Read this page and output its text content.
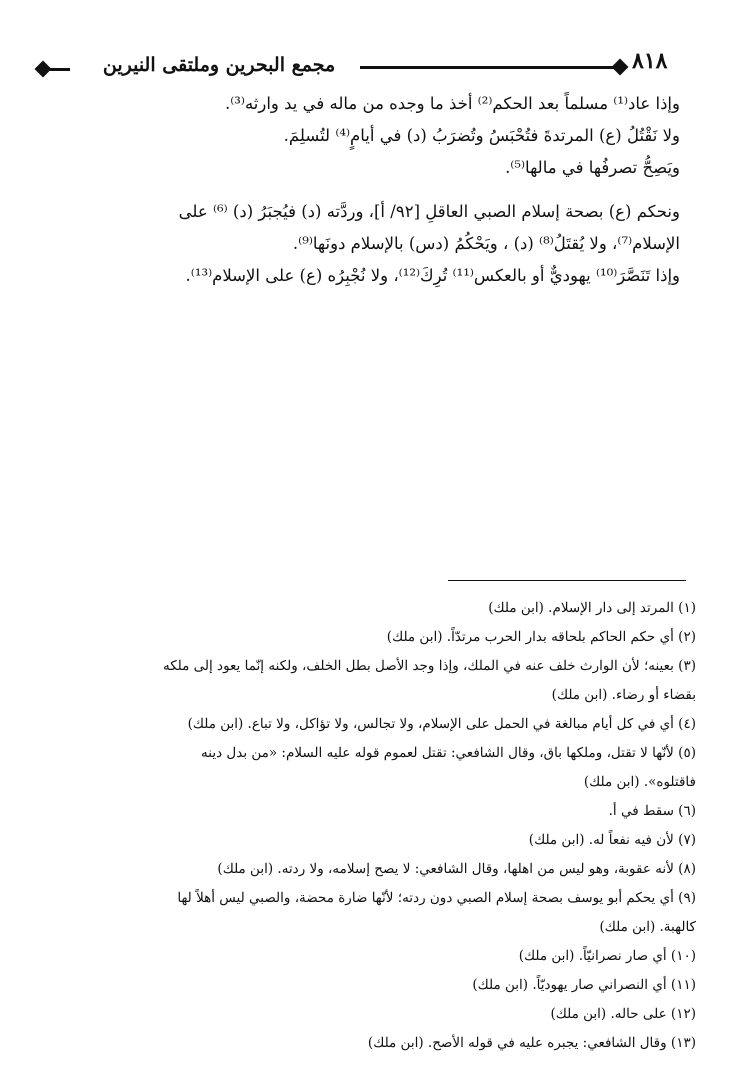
مجمع البحرين وملتقى النيرين	٨١٨

وإذا عاد⁽¹⁾ مسلماً بعد الحكم⁽²⁾ أخذ ما وجده من ماله في يد وارثه⁽³⁾.

ولا نَقْتُلُ (ع) المرتدةَ فتُحْبَسُ وتُضرَبُ (د) في أيامٍ⁽⁴⁾ لتُسلِمَ.

ويَصِحُّ تصرفُها في مالها⁽⁵⁾.

ونحكم (ع) بصحة إسلام الصبي العاقلِ [٩٢/ أ]، وردَّته (د) فيُجبَرُ (د) ⁽⁶⁾ على

الإسلام⁽⁷⁾، ولا يُقتَلُ⁽⁸⁾ (د) ، ويَحْكُمُ (دس) بالإسلام دونَها⁽⁹⁾.

وإذا تَنَصَّرَ⁽¹⁰⁾ يهوديٌّ أو بالعكس⁽¹¹⁾ تُرِكَ⁽¹²⁾، ولا نُجْبِرُه (ع) على الإسلام⁽¹³⁾.

(١) المرتد إلى دار الإسلام. (ابن ملك)

(٢) أي حكم الحاكم بلحاقه بدار الحرب مرتدّاً. (ابن ملك)

(٣) بعينه؛ لأن الوارث خلف عنه في الملك، وإذا وجد الأصل بطل الخلف، ولكنه إنّما يعود إلى ملكه

بقضاء أو رضاء. (ابن ملك)

(٤) أي في كل أيام مبالغة في الحمل على الإسلام، ولا تجالس، ولا تؤاكل، ولا تباع. (ابن ملك)

(٥) لأنّها لا تقتل، وملكها باق، وقال الشافعي: تقتل لعموم قوله عليه السلام: «من بدل دينه

فاقتلوه». (ابن ملك)

(٦) سقط في أ.

(٧) لأن فيه نفعاً له. (ابن ملك)

(٨) لأنه عقوبة، وهو ليس من اهلها، وقال الشافعي: لا يصح إسلامه، ولا ردته. (ابن ملك)

(٩) أي يحكم أبو يوسف بصحة إسلام الصبي دون ردته؛ لأنّها ضارة محضة، والصبي ليس أهلاً لها

كالهبة. (ابن ملك)

(١٠) أي صار نصرانيّاً. (ابن ملك)

(١١) أي النصراني صار يهوديّاً. (ابن ملك)

(١٢) على حاله. (ابن ملك)

(١٣) وقال الشافعي: يجبره عليه في قوله الأصح. (ابن ملك)
